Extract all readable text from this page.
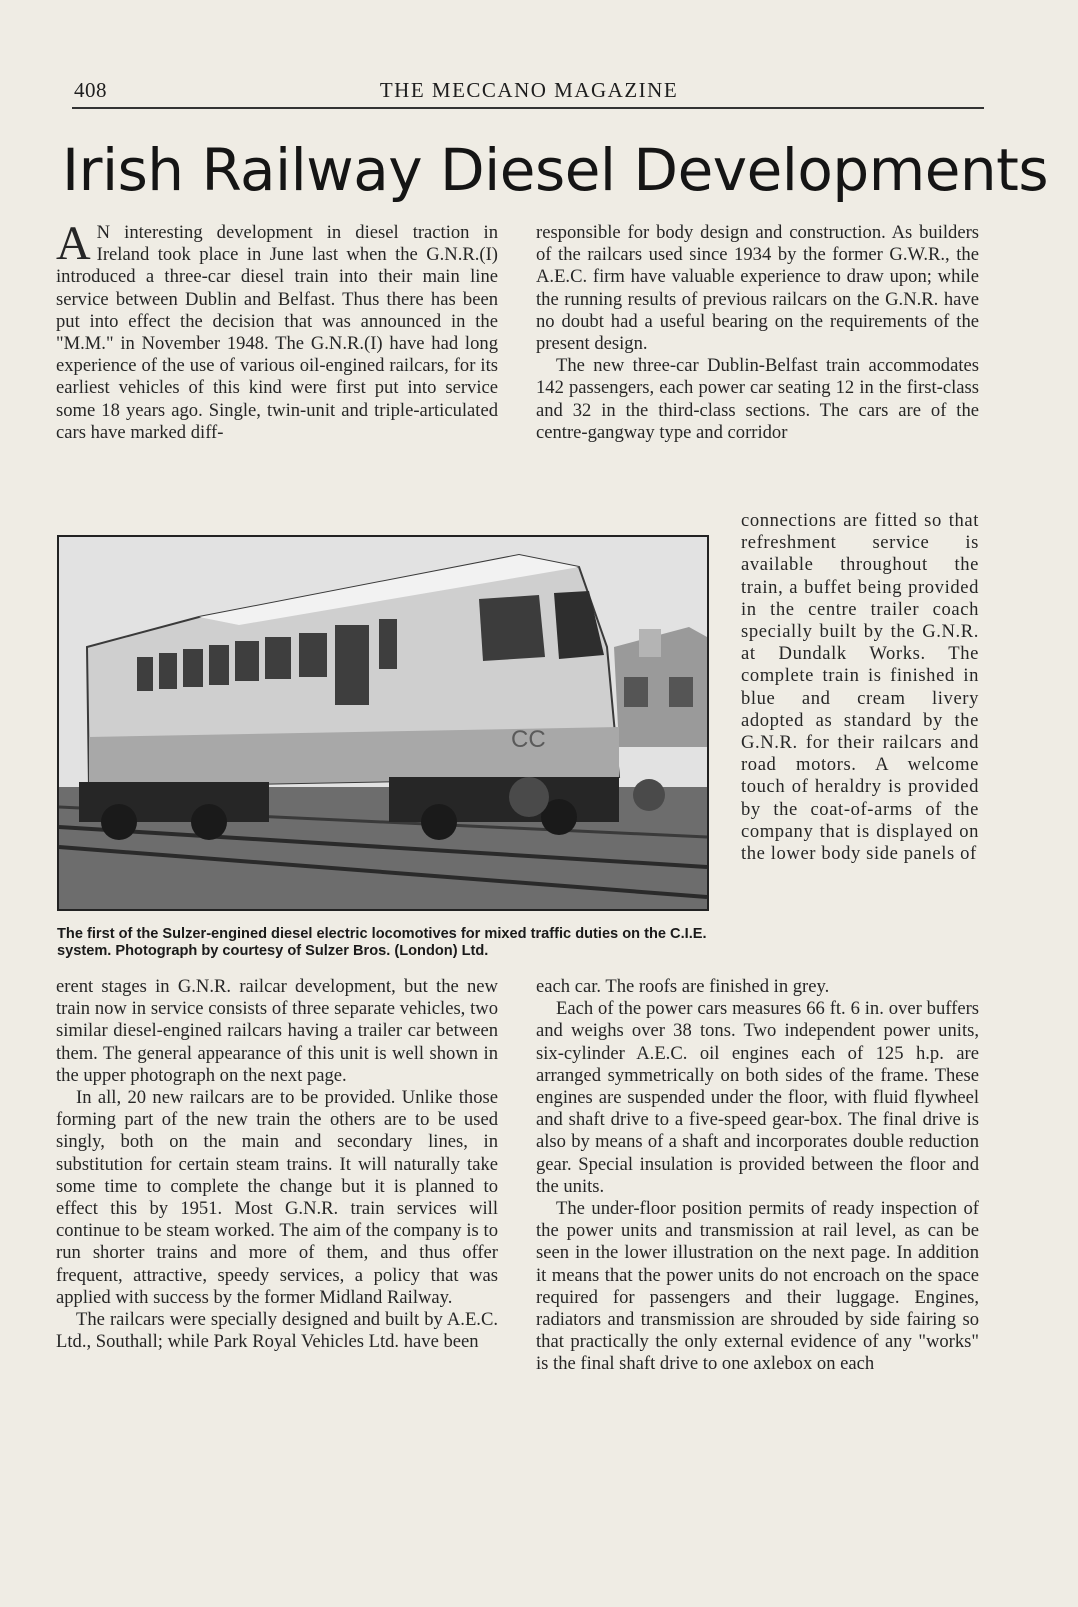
408	THE MECCANO MAGAZINE
Irish Railway Diesel Developments

A N interesting development in diesel traction in Ireland took place in June last when the G.N.R.(I) introduced a three-car diesel train into their main line service between Dublin and Belfast. Thus there has been put into effect the decision that was announced in the "M.M." in November 1948. The G.N.R.(I) have had long experience of the use of various oil-engined railcars, for its earliest vehicles of this kind were first put into service some 18 years ago. Single, twin-unit and triple-articulated cars have marked diff-

responsible for body design and construction. As builders of the railcars used since 1934 by the former G.W.R., the A.E.C. firm have valuable experience to draw upon; while the running results of previous railcars on the G.N.R. have no doubt had a useful bearing on the requirements of the present design.

The new three-car Dublin-Belfast train accommodates 142 passengers, each power car seating 12 in the first-class and 32 in the third-class sections. The cars are of the centre-gangway type and corridor

CC
The first of the Sulzer-engined diesel electric locomotives for mixed traffic duties on the C.I.E. system. Photograph by courtesy of Sulzer Bros. (London) Ltd.

connections are fitted so that refreshment service is available throughout the train, a buffet being provided in the centre trailer coach specially built by the G.N.R. at Dundalk Works. The complete train is finished in blue and cream livery adopted as standard by the G.N.R. for their railcars and road motors. A welcome touch of heraldry is provided by the coat-of-arms of the company that is displayed on the lower body side panels of

erent stages in G.N.R. railcar development, but the new train now in service consists of three separate vehicles, two similar diesel-engined railcars having a trailer car between them. The general appearance of this unit is well shown in the upper photograph on the next page.

In all, 20 new railcars are to be provided. Unlike those forming part of the new train the others are to be used singly, both on the main and secondary lines, in substitution for certain steam trains. It will naturally take some time to complete the change but it is planned to effect this by 1951. Most G.N.R. train services will continue to be steam worked. The aim of the company is to run shorter trains and more of them, and thus offer frequent, attractive, speedy services, a policy that was applied with success by the former Midland Railway.

The railcars were specially designed and built by A.E.C. Ltd., Southall; while Park Royal Vehicles Ltd. have been

each car. The roofs are finished in grey.

Each of the power cars measures 66 ft. 6 in. over buffers and weighs over 38 tons. Two independent power units, six-cylinder A.E.C. oil engines each of 125 h.p. are arranged symmetrically on both sides of the frame. These engines are suspended under the floor, with fluid flywheel and shaft drive to a five-speed gear-box. The final drive is also by means of a shaft and incorporates double reduction gear. Special insulation is provided between the floor and the units.

The under-floor position permits of ready inspection of the power units and transmission at rail level, as can be seen in the lower illustration on the next page. In addition it means that the power units do not encroach on the space required for passengers and their luggage. Engines, radiators and transmission are shrouded by side fairing so that practically the only external evidence of any "works" is the final shaft drive to one axlebox on each
